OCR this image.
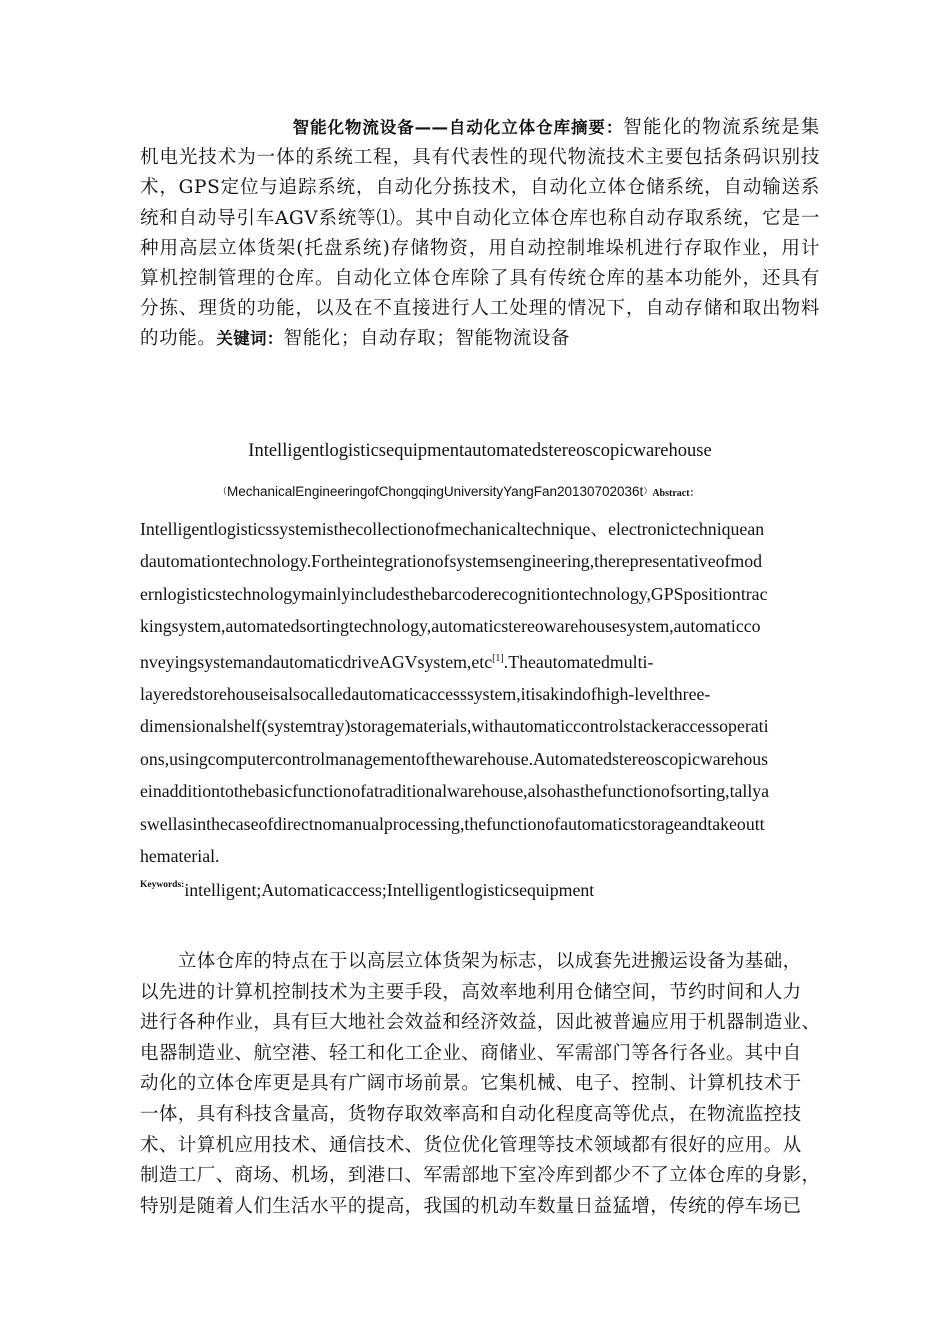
智能化物流设备——自动化立体仓库摘要：智能化的物流系统是集机电光技术为一体的系统工程，具有代表性的现代物流技术主要包括条码识别技术，GPS定位与追踪系统，自动化分拣技术，自动化立体仓储系统，自动输送系统和自动导引车AGV系统等⑴。其中自动化立体仓库也称自动存取系统，它是一种用高层立体货架(托盘系统)存储物资，用自动控制堆垛机进行存取作业，用计算机控制管理的仓库。自动化立体仓库除了具有传统仓库的基本功能外，还具有分拣、理货的功能，以及在不直接进行人工处理的情况下，自动存储和取出物料的功能。关键词：智能化；自动存取；智能物流设备
Intelligentlogisticsequipmentautomatedstereoscopicwarehouse
$^(MechanicalEngineeringofChongqingUniversityYangFan20130702036t^{)Abstract:}$
Intelligentlogisticssystemisthecollectionofmechanicaltechnique、electronictechniquean
dautomationtechnology.Fortheintegrationofsystemsengineering,therepresentativeofmod
ernlogisticstechnologymainlyincludesthebarcoderecognitiontechnology,GPSpositiontrac
kingsystem,automatedsortingtechnology,automaticstereowarehousesystem,automaticco
nveyingsystemandautomaticdriveAGVsystem,etc[1].Theautomatedmulti-
layeredstorehouseisalsocalledautomaticaccesssystem,itisakindofhigh-levelthree-
dimensionalshelf(systemtray)storagematerials,withautomaticcontrolstackeraccessoperati
ons,usingcomputercontrolmanagementofthewarehouse.Automatedstereoscopicwarehous
einadditiontothebasicfunctionofatraditionalwarehouse,alsohasthefunctionofsorting,tallya
swellasinthecaseofdirectnomanualprocessing,thefunctionofautomaticstorageandtakeoutt
hematerial.
$^{Keywords:}$intelligent;Automaticaccess;Intelligentlogisticsequipment
　　立体仓库的特点在于以高层立体货架为标志，以成套先进搬运设备为基础，
以先进的计算机控制技术为主要手段，高效率地利用仓储空间，节约时间和人力
进行各种作业，具有巨大地社会效益和经济效益，因此被普遍应用于机器制造业、
电器制造业、航空港、轻工和化工企业、商储业、军需部门等各行各业。其中自
动化的立体仓库更是具有广阔市场前景。它集机械、电子、控制、计算机技术于
一体，具有科技含量高，货物存取效率高和自动化程度高等优点，在物流监控技
术、计算机应用技术、通信技术、货位优化管理等技术领域都有很好的应用。从
制造工厂、商场、机场，到港口、军需部地下室冷库到都少不了立体仓库的身影，
特别是随着人们生活水平的提高，我国的机动车数量日益猛增，传统的停车场已
